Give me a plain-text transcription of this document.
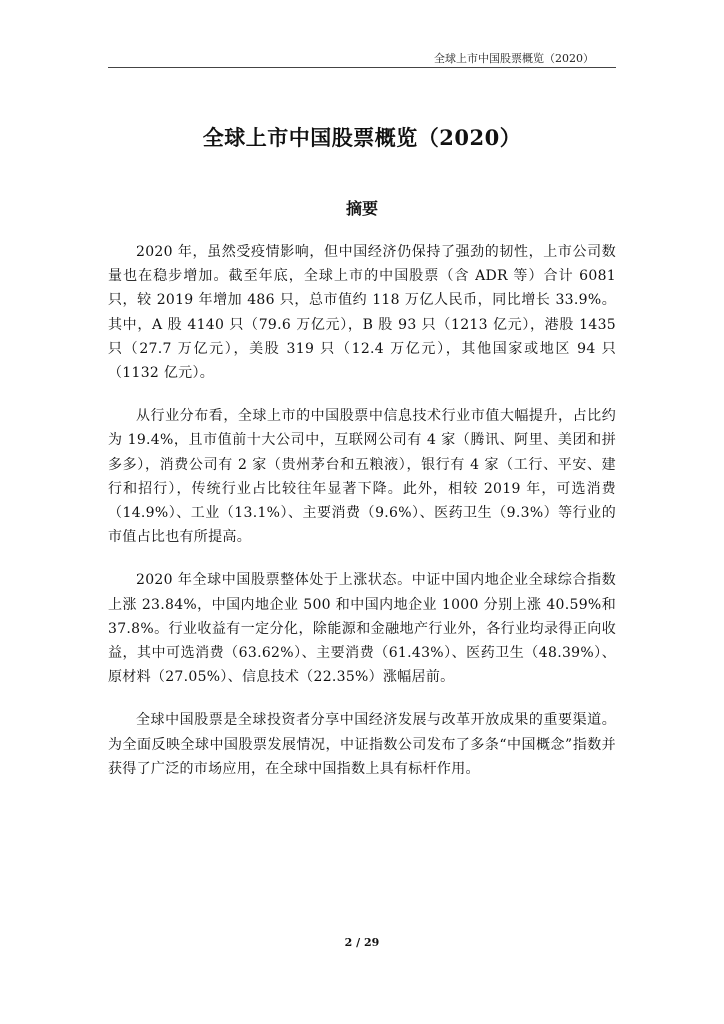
全球上市中国股票概览（2020）
全球上市中国股票概览（2020）
摘要

2020 年，虽然受疫情影响，但中国经济仍保持了强劲的韧性，上市公司数量也在稳步增加。截至年底，全球上市的中国股票（含 ADR 等）合计 6081 只，较 2019 年增加 486 只，总市值约 118 万亿人民币，同比增长 33.9%。其中，A 股 4140 只（79.6 万亿元），B 股 93 只（1213 亿元），港股 1435 只（27.7 万亿元），美股 319 只（12.4 万亿元），其他国家或地区 94 只（1132 亿元）。

从行业分布看，全球上市的中国股票中信息技术行业市值大幅提升，占比约为 19.4%，且市值前十大公司中，互联网公司有 4 家（腾讯、阿里、美团和拼多多），消费公司有 2 家（贵州茅台和五粮液），银行有 4 家（工行、平安、建行和招行），传统行业占比较往年显著下降。此外，相较 2019 年，可选消费（14.9%）、工业（13.1%）、主要消费（9.6%）、医药卫生（9.3%）等行业的市值占比也有所提高。

2020 年全球中国股票整体处于上涨状态。中证中国内地企业全球综合指数上涨 23.84%，中国内地企业 500 和中国内地企业 1000 分别上涨 40.59%和 37.8%。行业收益有一定分化，除能源和金融地产行业外，各行业均录得正向收益，其中可选消费（63.62%）、主要消费（61.43%）、医药卫生（48.39%）、原材料（27.05%）、信息技术（22.35%）涨幅居前。

全球中国股票是全球投资者分享中国经济发展与改革开放成果的重要渠道。为全面反映全球中国股票发展情况，中证指数公司发布了多条“中国概念”指数并获得了广泛的市场应用，在全球中国指数上具有标杆作用。

2 / 29
